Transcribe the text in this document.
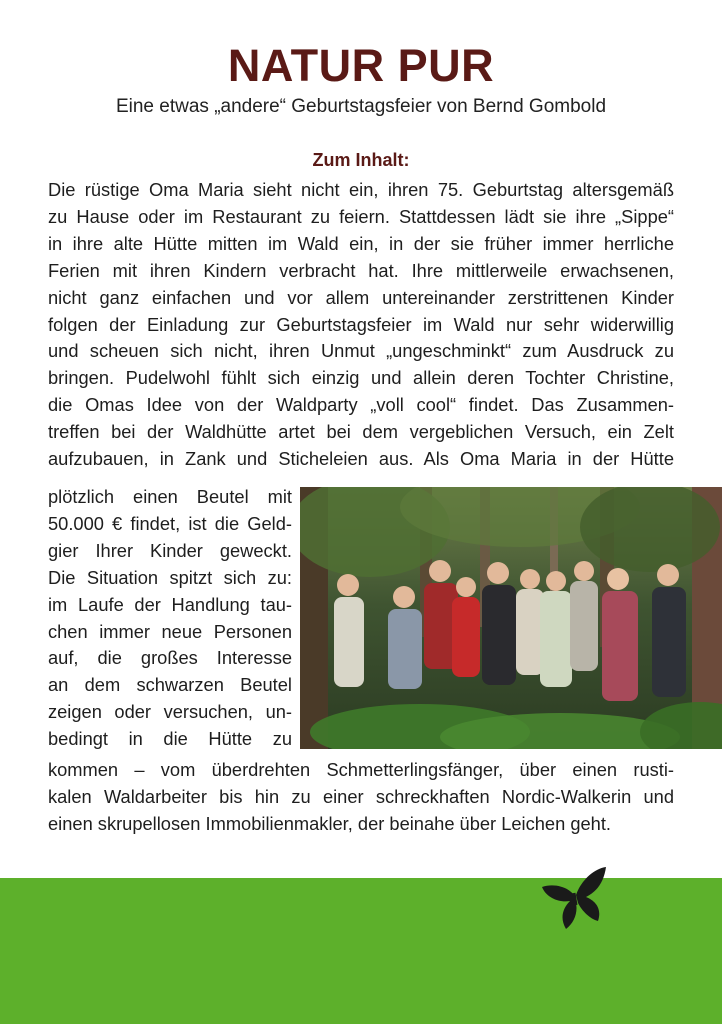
NATUR PUR
Eine etwas „andere“ Geburtstagsfeier von Bernd Gombold
Zum Inhalt:

Die rüstige Oma Maria sieht nicht ein, ihren 75. Geburtstag altersgemäß
zu Hause oder im Restaurant zu feiern. Stattdessen lädt sie ihre „Sippe“
in ihre alte Hütte mitten im Wald ein, in der sie früher immer herrliche
Ferien mit ihren Kindern verbracht hat. Ihre mittlerweile erwachsenen,
nicht ganz einfachen und vor allem untereinander zerstrittenen Kinder
folgen der Einladung zur Geburtstagsfeier im Wald nur sehr widerwillig
und scheuen sich nicht, ihren Unmut „ungeschminkt“ zum Ausdruck zu
bringen. Pudelwohl fühlt sich einzig und allein deren Tochter Christine,
die Omas Idee von der Waldparty „voll cool“ findet. Das Zusammen-
treffen bei der Waldhütte artet bei dem vergeblichen Versuch, ein Zelt
aufzubauen, in Zank und Sticheleien aus. Als Oma Maria in der Hütte

plötzlich einen Beutel mit
50.000 € findet, ist die Geld-
gier Ihrer Kinder geweckt.
Die Situation spitzt sich zu:
im Laufe der Handlung tau-
chen immer neue Personen
auf, die großes Interesse
an dem schwarzen Beutel
zeigen oder versuchen, un-
bedingt in die Hütte zu

kommen – vom überdrehten Schmetterlingsfänger, über einen rusti-
kalen Waldarbeiter bis hin zu einer schreckhaften Nordic-Walkerin und
einen skrupellosen Immobilienmakler, der beinahe über Leichen geht.
